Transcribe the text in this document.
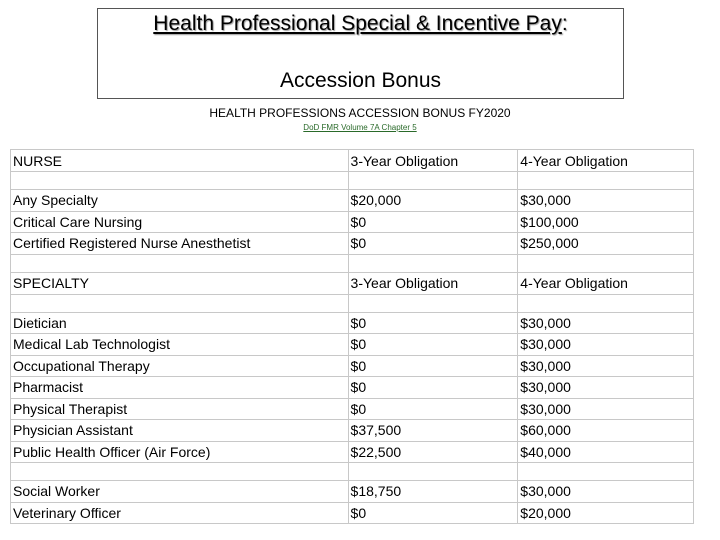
Health Professional Special & Incentive Pay:
Accession Bonus
HEALTH PROFESSIONS ACCESSION BONUS FY2020
DoD FMR Volume 7A Chapter 5
NURSE	3-Year Obligation	4-Year Obligation

Any Specialty	$20,000	$30,000
Critical Care Nursing	$0	$100,000
Certified Registered Nurse Anesthetist	$0	$250,000

SPECIALTY	3-Year Obligation	4-Year Obligation

Dietician	$0	$30,000
Medical Lab Technologist	$0	$30,000
Occupational Therapy	$0	$30,000
Pharmacist	$0	$30,000
Physical Therapist	$0	$30,000
Physician Assistant	$37,500	$60,000
Public Health Officer (Air Force)	$22,500	$40,000

Social Worker	$18,750	$30,000
Veterinary Officer	$0	$20,000
